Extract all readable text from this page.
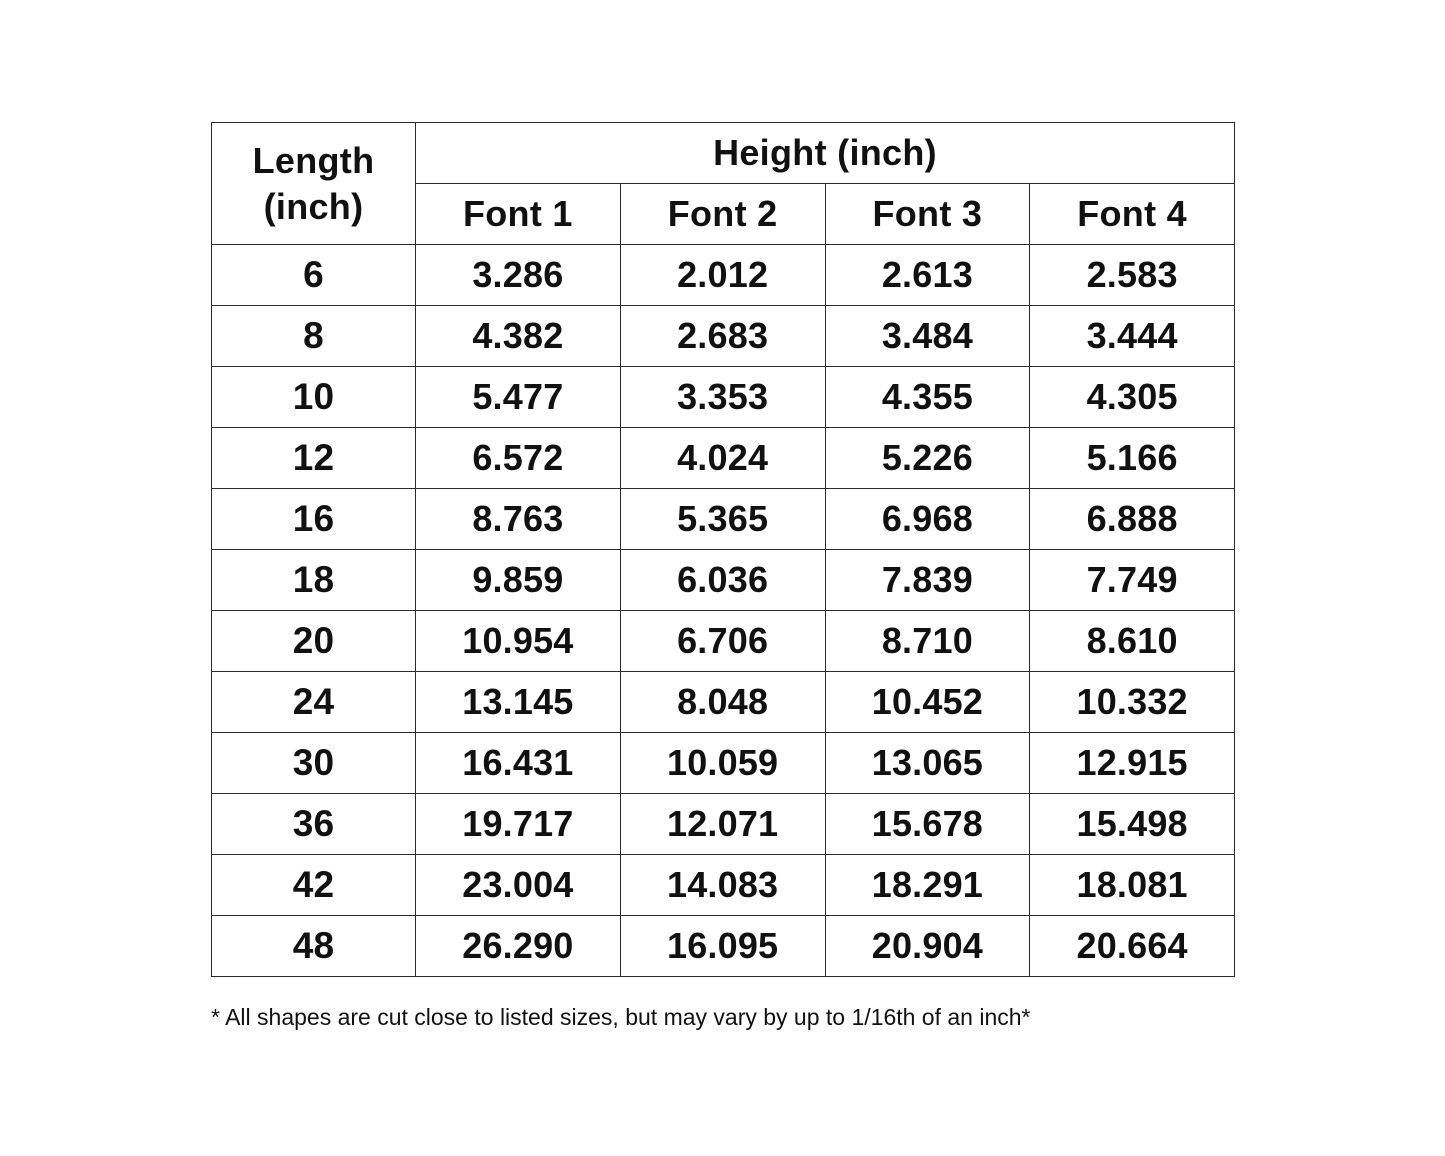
Length
(inch)	Height (inch)			
	Font 1	Font 2	Font 3	Font 4
6	3.286	2.012	2.613	2.583
8	4.382	2.683	3.484	3.444
10	5.477	3.353	4.355	4.305
12	6.572	4.024	5.226	5.166
16	8.763	5.365	6.968	6.888
18	9.859	6.036	7.839	7.749
20	10.954	6.706	8.710	8.610
24	13.145	8.048	10.452	10.332
30	16.431	10.059	13.065	12.915
36	19.717	12.071	15.678	15.498
42	23.004	14.083	18.291	18.081
48	26.290	16.095	20.904	20.664
* All shapes are cut close to listed sizes, but may vary by up to 1/16th of an inch*
